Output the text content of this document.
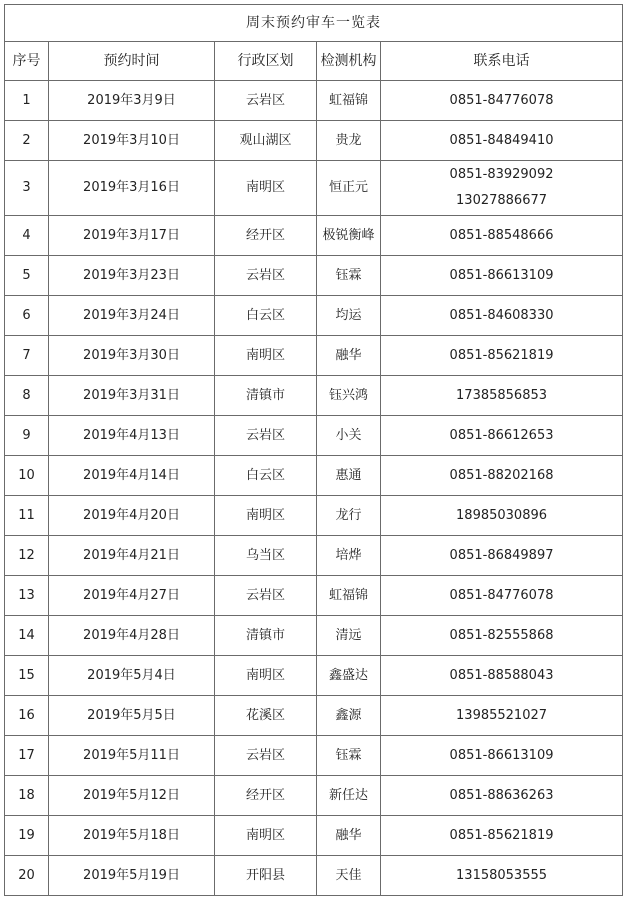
周末预约审车一览表				
序号	预约时间	行政区划	检测机构	联系电话
1	2019年3月9日	云岩区	虹福锦	0851-84776078

2	2019年3月10日	观山湖区	贵龙	0851-84849410

3	2019年3月16日	南明区	恒正元	0851-83929092
13027886677

4	2019年3月17日	经开区	极锐衡峰	0851-88548666

5	2019年3月23日	云岩区	钰霖	0851-86613109

6	2019年3月24日	白云区	均运	0851-84608330

7	2019年3月30日	南明区	融华	0851-85621819

8	2019年3月31日	清镇市	钰兴鸿	17385856853

9	2019年4月13日	云岩区	小关	0851-86612653

10	2019年4月14日	白云区	惠通	0851-88202168

11	2019年4月20日	南明区	龙行	18985030896

12	2019年4月21日	乌当区	培烨	0851-86849897

13	2019年4月27日	云岩区	虹福锦	0851-84776078

14	2019年4月28日	清镇市	清远	0851-82555868

15	2019年5月4日	南明区	鑫盛达	0851-88588043

16	2019年5月5日	花溪区	鑫源	13985521027

17	2019年5月11日	云岩区	钰霖	0851-86613109

18	2019年5月12日	经开区	新任达	0851-88636263

19	2019年5月18日	南明区	融华	0851-85621819

20	2019年5月19日	开阳县	天佳	13158053555
